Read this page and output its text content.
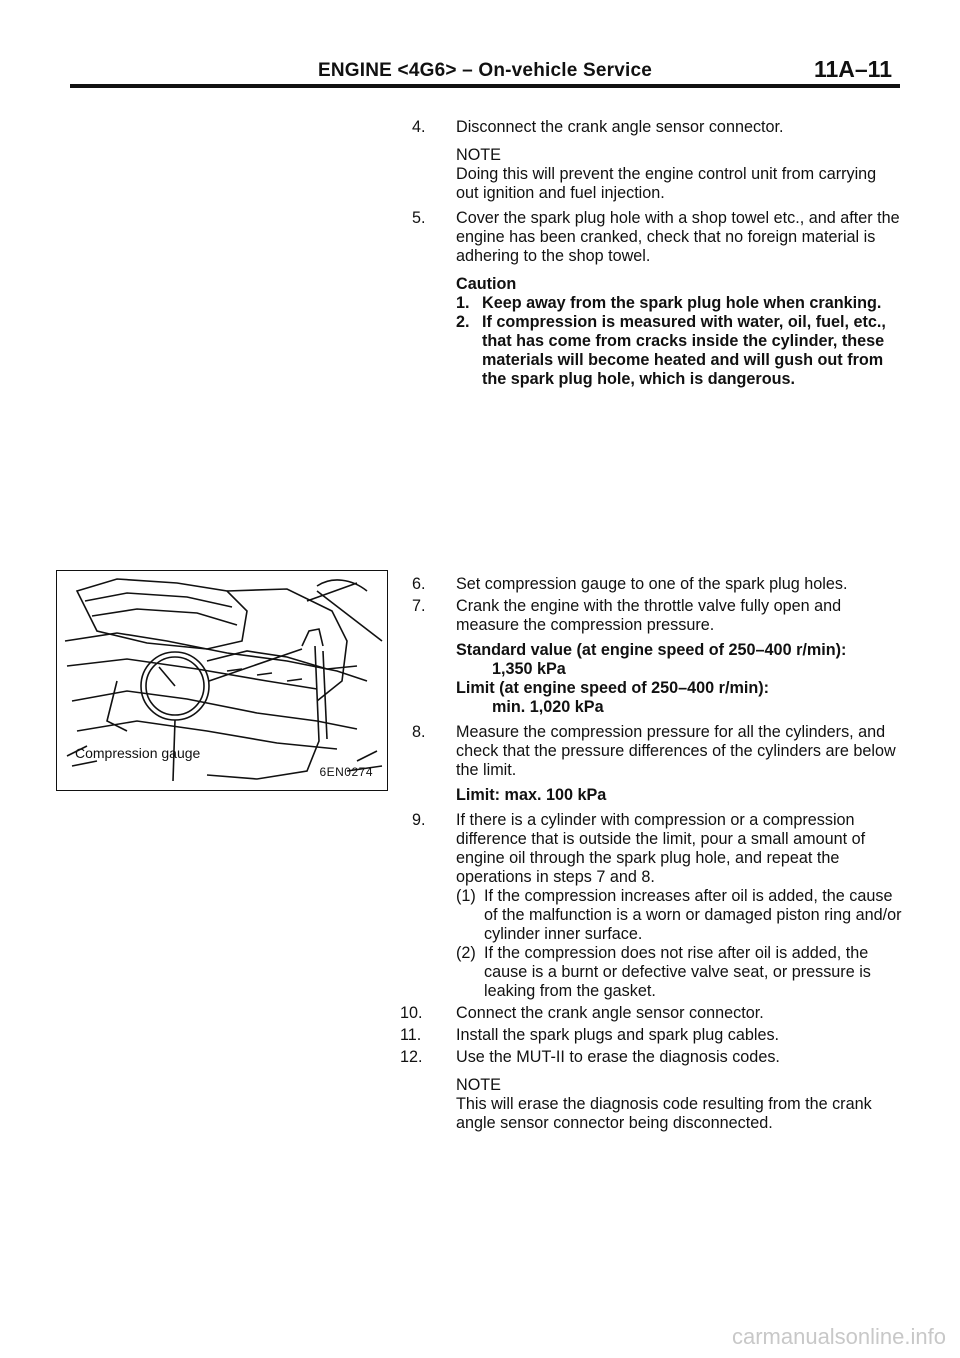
ENGINE <4G6> – On-vehicle Service	11A–11
4.	Disconnect the crank angle sensor connector.
NOTE
Doing this will prevent the engine control unit from carrying out ignition and fuel injection.
5.	Cover the spark plug hole with a shop towel etc., and after the engine has been cranked, check that no foreign material is adhering to the shop towel.
Caution
1. Keep away from the spark plug hole when cranking.
2. If compression is measured with water, oil, fuel, etc., that has come from cracks inside the cylinder, these materials will become heated and will gush out from the spark plug hole, which is dangerous.
Compression gauge
6EN0274
6.	Set compression gauge to one of the spark plug holes.
7.	Crank the engine with the throttle valve fully open and measure the compression pressure.
Standard value (at engine speed of 250–400 r/min):
1,350 kPa
Limit (at engine speed of 250–400 r/min):
min. 1,020 kPa
8.	Measure the compression pressure for all the cylinders, and check that the pressure differences of the cylinders are below the limit.
Limit: max. 100 kPa
9.	If there is a cylinder with compression or a compression difference that is outside the limit, pour a small amount of engine oil through the spark plug hole, and repeat the operations in steps 7 and 8.
(1) If the compression increases after oil is added, the cause of the malfunction is a worn or damaged piston ring and/or cylinder inner surface.
(2) If the compression does not rise after oil is added, the cause is a burnt or defective valve seat, or pressure is leaking from the gasket.
10.	Connect the crank angle sensor connector.
11.	Install the spark plugs and spark plug cables.
12.	Use the MUT-II to erase the diagnosis codes.
NOTE
This will erase the diagnosis code resulting from the crank angle sensor connector being disconnected.
carmanualsonline.info
